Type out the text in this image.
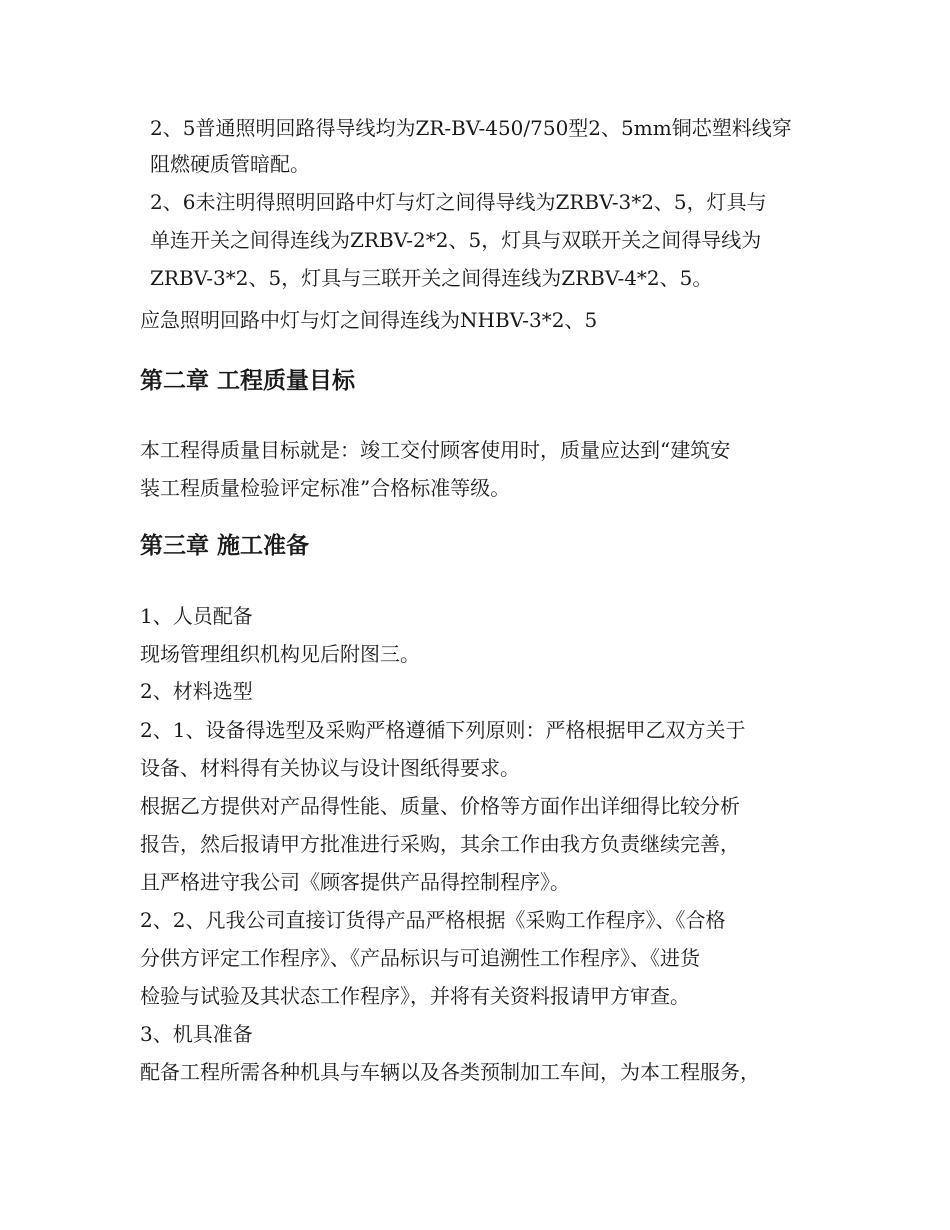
2、5普通照明回路得导线均为ZR-BV-450/750型2、5mm铜芯塑料线穿

阻燃硬质管暗配。

2、6未注明得照明回路中灯与灯之间得导线为ZRBV-3*2、5，灯具与

单连开关之间得连线为ZRBV-2*2、5，灯具与双联开关之间得导线为

ZRBV-3*2、5，灯具与三联开关之间得连线为ZRBV-4*2、5。

应急照明回路中灯与灯之间得连线为NHBV-3*2、5

第二章 工程质量目标

本工程得质量目标就是：竣工交付顾客使用时，质量应达到“建筑安

装工程质量检验评定标准”合格标准等级。

第三章 施工准备

1、人员配备

现场管理组织机构见后附图三。

2、材料选型

2、1、设备得选型及采购严格遵循下列原则：严格根据甲乙双方关于

设备、材料得有关协议与设计图纸得要求。

根据乙方提供对产品得性能、质量、价格等方面作出详细得比较分析

报告，然后报请甲方批准进行采购，其余工作由我方负责继续完善，

且严格进守我公司《顾客提供产品得控制程序》。

2、2、凡我公司直接订货得产品严格根据《采购工作程序》、《合格

分供方评定工作程序》、《产品标识与可追溯性工作程序》、《进货

检验与试验及其状态工作程序》，并将有关资料报请甲方审查。

3、机具准备

配备工程所需各种机具与车辆以及各类预制加工车间，为本工程服务，
